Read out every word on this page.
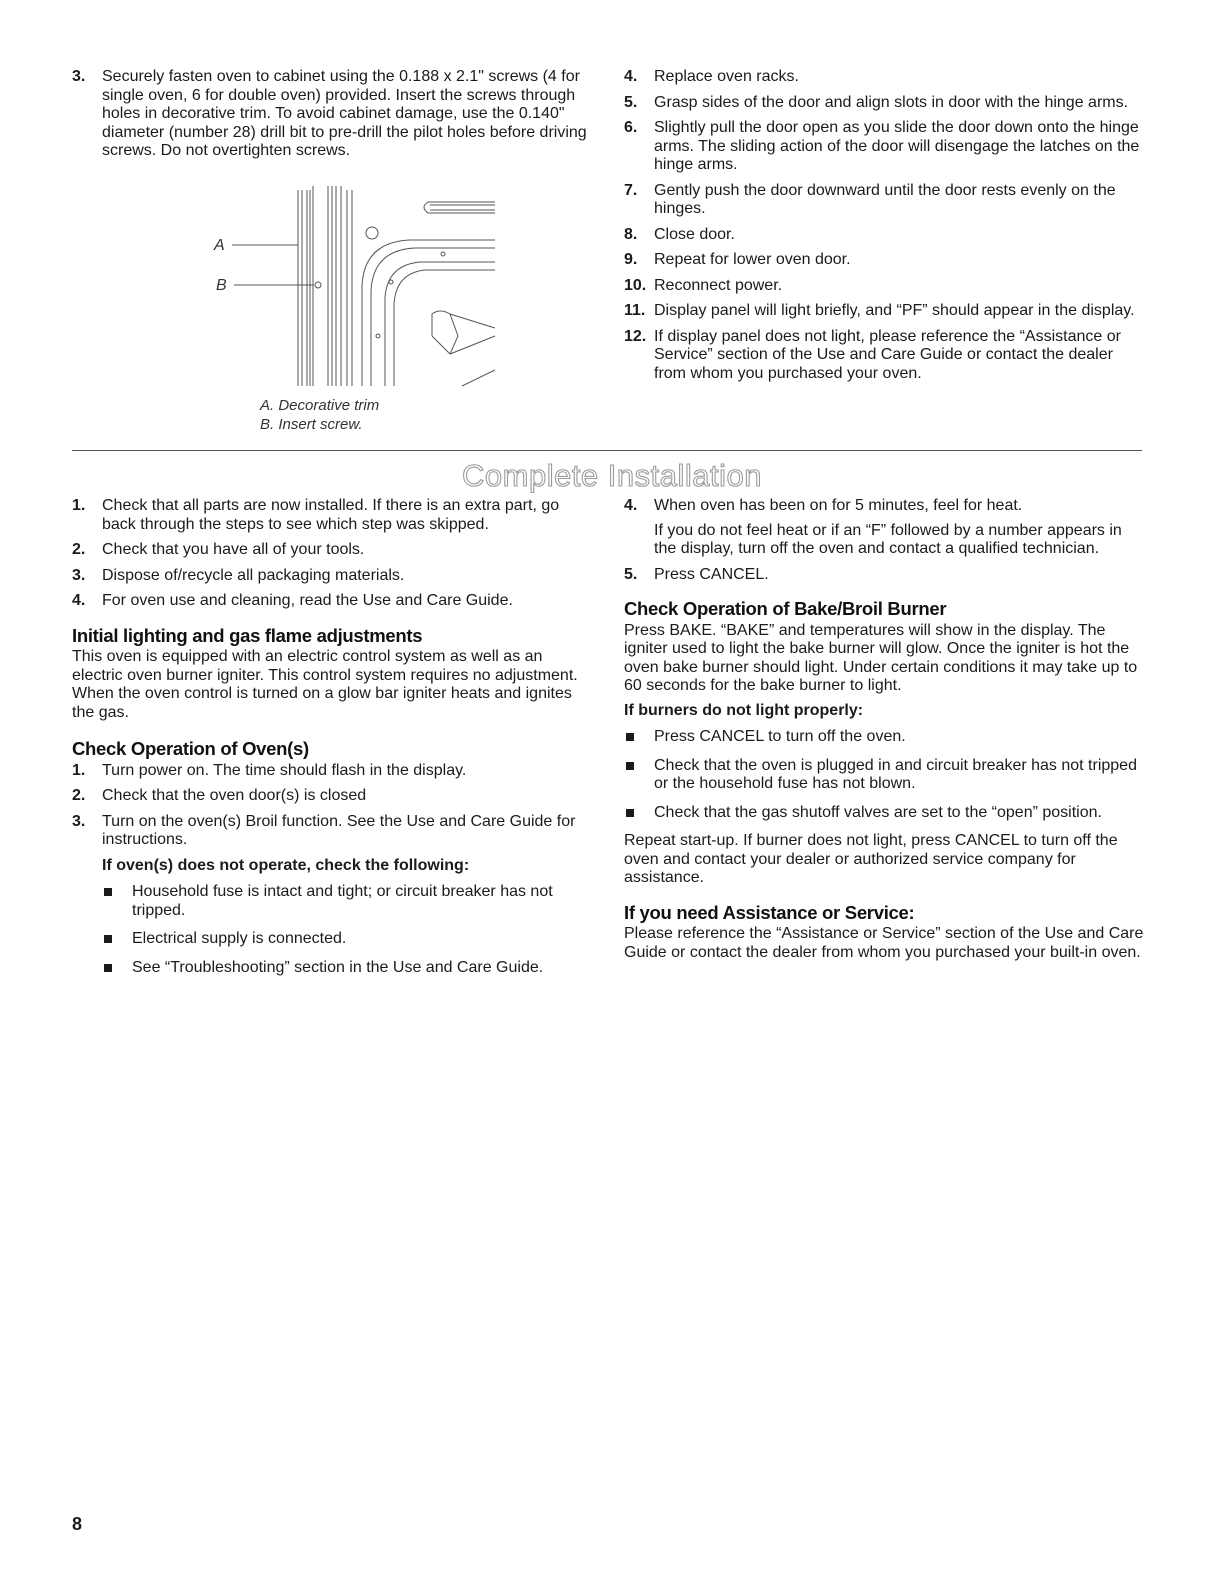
3. Securely fasten oven to cabinet using the 0.188 x 2.1" screws (4 for single oven, 6 for double oven) provided. Insert the screws through holes in decorative trim. To avoid cabinet damage, use the 0.140" diameter (number 28) drill bit to pre-drill the pilot holes before driving screws. Do not overtighten screws.
A
B
A. Decorative trim
B. Insert screw.
4. Replace oven racks.
5. Grasp sides of the door and align slots in door with the hinge arms.
6. Slightly pull the door open as you slide the door down onto the hinge arms. The sliding action of the door will disengage the latches on the hinge arms.
7. Gently push the door downward until the door rests evenly on the hinges.
8. Close door.
9. Repeat for lower oven door.
10. Reconnect power.
11. Display panel will light briefly, and “PF” should appear in the display.
12. If display panel does not light, please reference the “Assistance or Service” section of the Use and Care Guide or contact the dealer from whom you purchased your oven.
Complete Installation
1. Check that all parts are now installed. If there is an extra part, go back through the steps to see which step was skipped.
2. Check that you have all of your tools.
3. Dispose of/recycle all packaging materials.
4. For oven use and cleaning, read the Use and Care Guide.
Initial lighting and gas flame adjustments

This oven is equipped with an electric control system as well as an electric oven burner igniter. This control system requires no adjustment. When the oven control is turned on a glow bar igniter heats and ignites the gas.

Check Operation of Oven(s)
1. Turn power on. The time should flash in the display.
2. Check that the oven door(s) is closed
3. Turn on the oven(s) Broil function. See the Use and Care Guide for instructions.
If oven(s) does not operate, check the following:
Household fuse is intact and tight; or circuit breaker has not tripped.
Electrical supply is connected.
See “Troubleshooting” section in the Use and Care Guide.
4. When oven has been on for 5 minutes, feel for heat.
If you do not feel heat or if an “F” followed by a number appears in the display, turn off the oven and contact a qualified technician.
5. Press CANCEL.
Check Operation of Bake/Broil Burner

Press BAKE. “BAKE” and temperatures will show in the display. The igniter used to light the bake burner will glow. Once the igniter is hot the oven bake burner should light. Under certain conditions it may take up to 60 seconds for the bake burner to light.

If burners do not light properly:
Press CANCEL to turn off the oven.
Check that the oven is plugged in and circuit breaker has not tripped or the household fuse has not blown.
Check that the gas shutoff valves are set to the “open” position.

Repeat start-up. If burner does not light, press CANCEL to turn off the oven and contact your dealer or authorized service company for assistance.

If you need Assistance or Service:

Please reference the “Assistance or Service” section of the Use and Care Guide or contact the dealer from whom you purchased your built-in oven.

8
